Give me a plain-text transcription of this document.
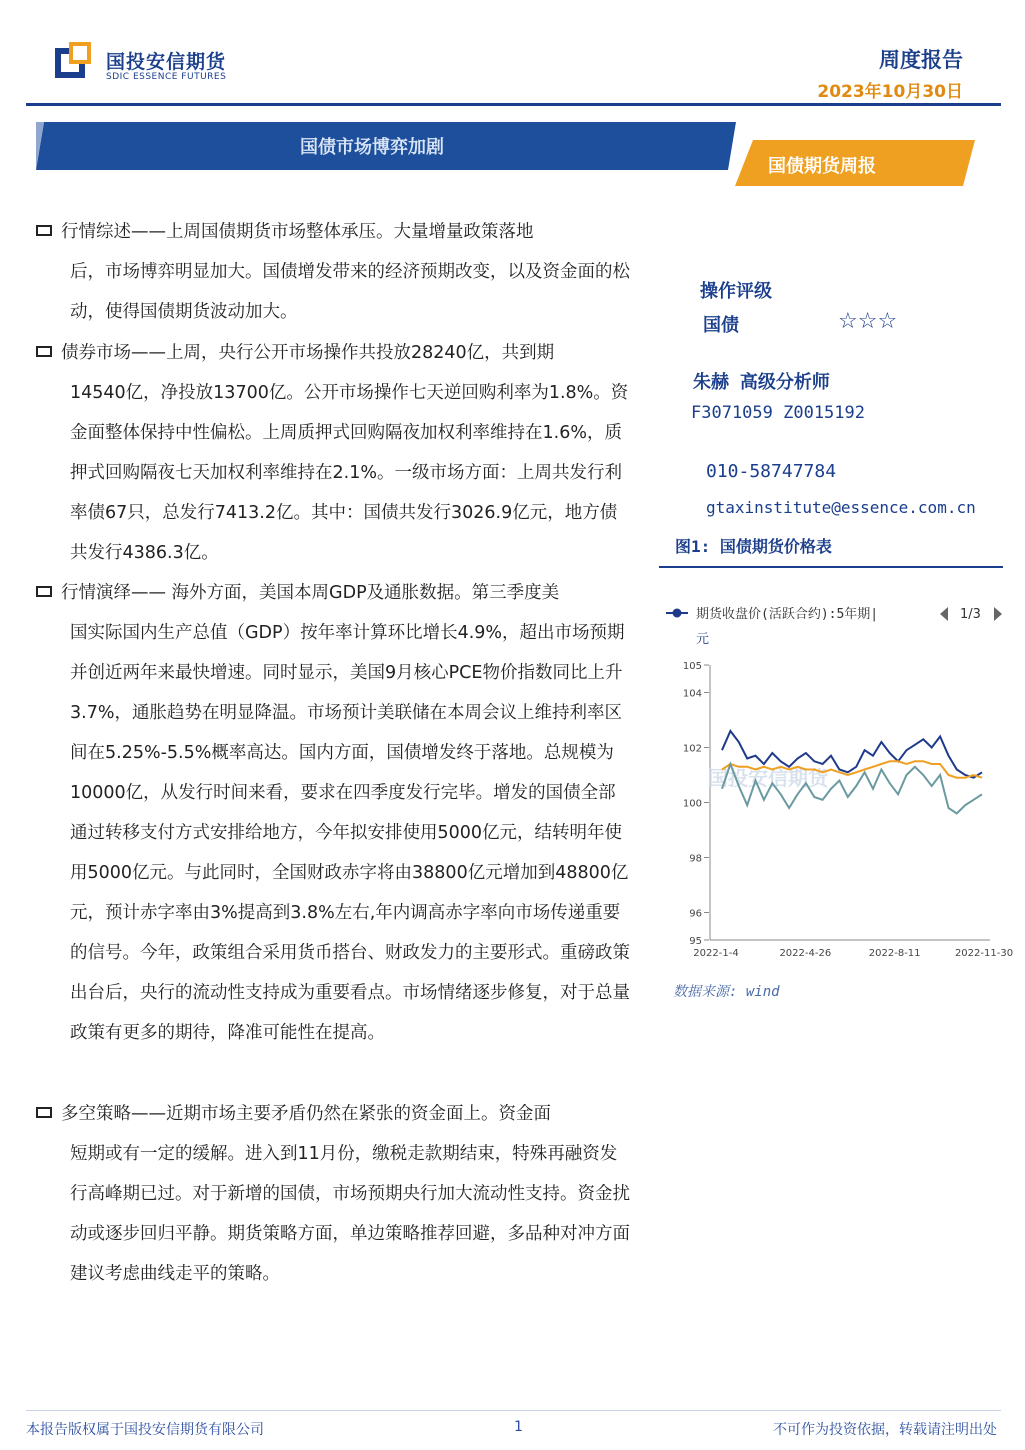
国投安信期货
SDIC ESSENCE FUTURES
周度报告
2023年10月30日
国债市场博弈加剧
国债期货周报
行情综述——上周国债期货市场整体承压。大量增量政策落地
后，市场博弈明显加大。国债增发带来的经济预期改变，以及资金面的松动，使得国债期货波动加大。
债券市场——上周，央行公开市场操作共投放28240亿，共到期
14540亿，净投放13700亿。公开市场操作七天逆回购利率为1.8%。资金面整体保持中性偏松。上周质押式回购隔夜加权利率维持在1.6%，质押式回购隔夜七天加权利率维持在2.1%。一级市场方面：上周共发行利率债67只，总发行7413.2亿。其中：国债共发行3026.9亿元，地方债共发行4386.3亿。
行情演绎—— 海外方面，美国本周GDP及通胀数据。第三季度美
国实际国内生产总值（GDP）按年率计算环比增长4.9%，超出市场预期并创近两年来最快增速。同时显示，美国9月核心PCE物价指数同比上升3.7%，通胀趋势在明显降温。市场预计美联储在本周会议上维持利率区间在5.25%-5.5%概率高达。国内方面，国债增发终于落地。总规模为10000亿，从发行时间来看，要求在四季度发行完毕。增发的国债全部通过转移支付方式安排给地方，今年拟安排使用5000亿元，结转明年使用5000亿元。与此同时，全国财政赤字将由38800亿元增加到48800亿元，预计赤字率由3%提高到3.8%左右,年内调高赤字率向市场传递重要的信号。今年，政策组合采用货币搭台、财政发力的主要形式。重磅政策出台后，央行的流动性支持成为重要看点。市场情绪逐步修复，对于总量政策有更多的期待，降准可能性在提高。
多空策略——近期市场主要矛盾仍然在紧张的资金面上。资金面
短期或有一定的缓解。进入到11月份，缴税走款期结束，特殊再融资发行高峰期已过。对于新增的国债，市场预期央行加大流动性支持。资金扰动或逐步回归平静。期货策略方面，单边策略推荐回避，多品种对冲方面建议考虑曲线走平的策略。
操作评级
国债	☆☆☆
朱赫 高级分析师
F3071059 Z0015192
010-58747784
gtaxinstitute@essence.com.cn
图1: 国债期货价格表
期货收盘价(活跃合约):5年期|	1/3
元
95
96
98
100
102
104
105
2022-1-4	2022-4-26	2022-8-11	2022-11-30
国投安信期货
数据来源: wind
本报告版权属于国投安信期货有限公司	1	不可作为投资依据，转载请注明出处
